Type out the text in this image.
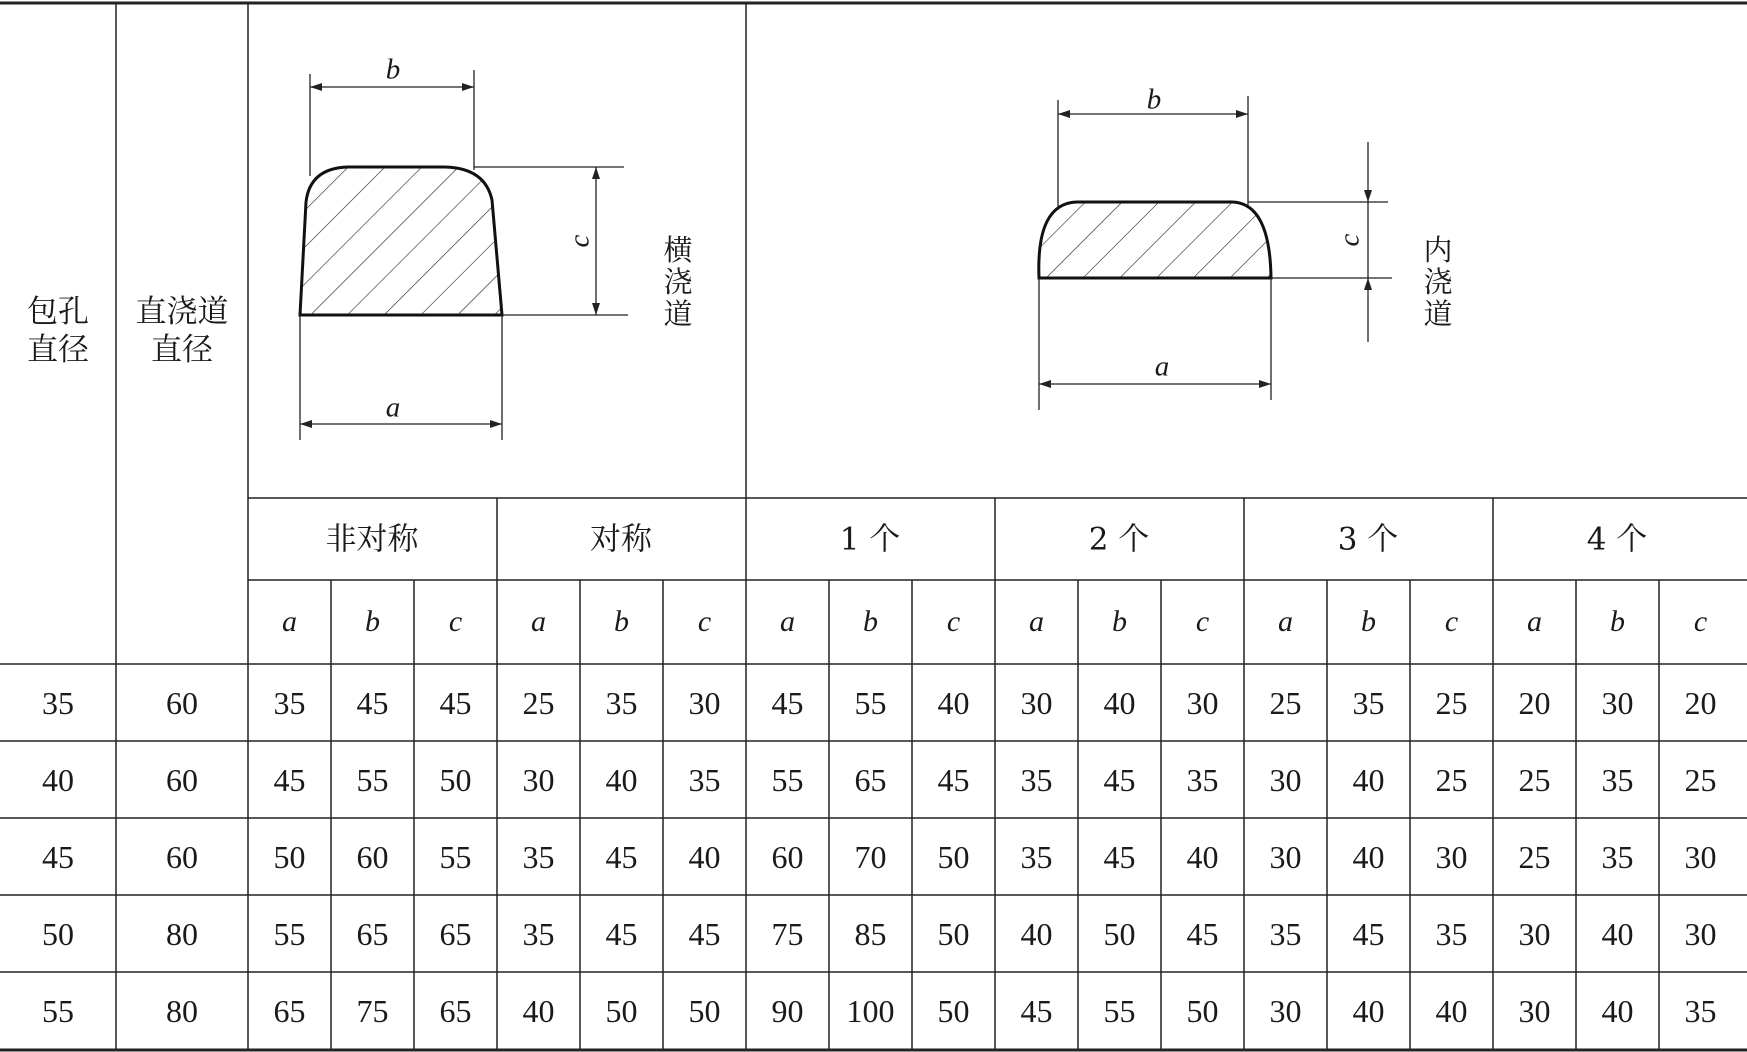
包孔
直径
直浇道
直径
b
a
c 横
浇
道
b
a
c 内
浇
道
非对称	对称	1 个	2 个	3 个	4 个
a b c a b c a b c a b c a b c a b c
35	60 35 45 45 25 35 30 45 55 40 30 40 30 25 35 25 20 30 20
40	60 45 55 50 30 40 35 55 65 45 35 45 35 30 40 25 25 35 25
45	60 50 60 55 35 45 40 60 70 50 35 45 40 30 40 30 25 35 30
50	80 55 65 65 35 45 45 75 85 50 40 50 45 35 45 35 30 40 30
55	80 65 75 65 40 50 50 90 100 50 45 55 50 30 40 40 30 40 35
